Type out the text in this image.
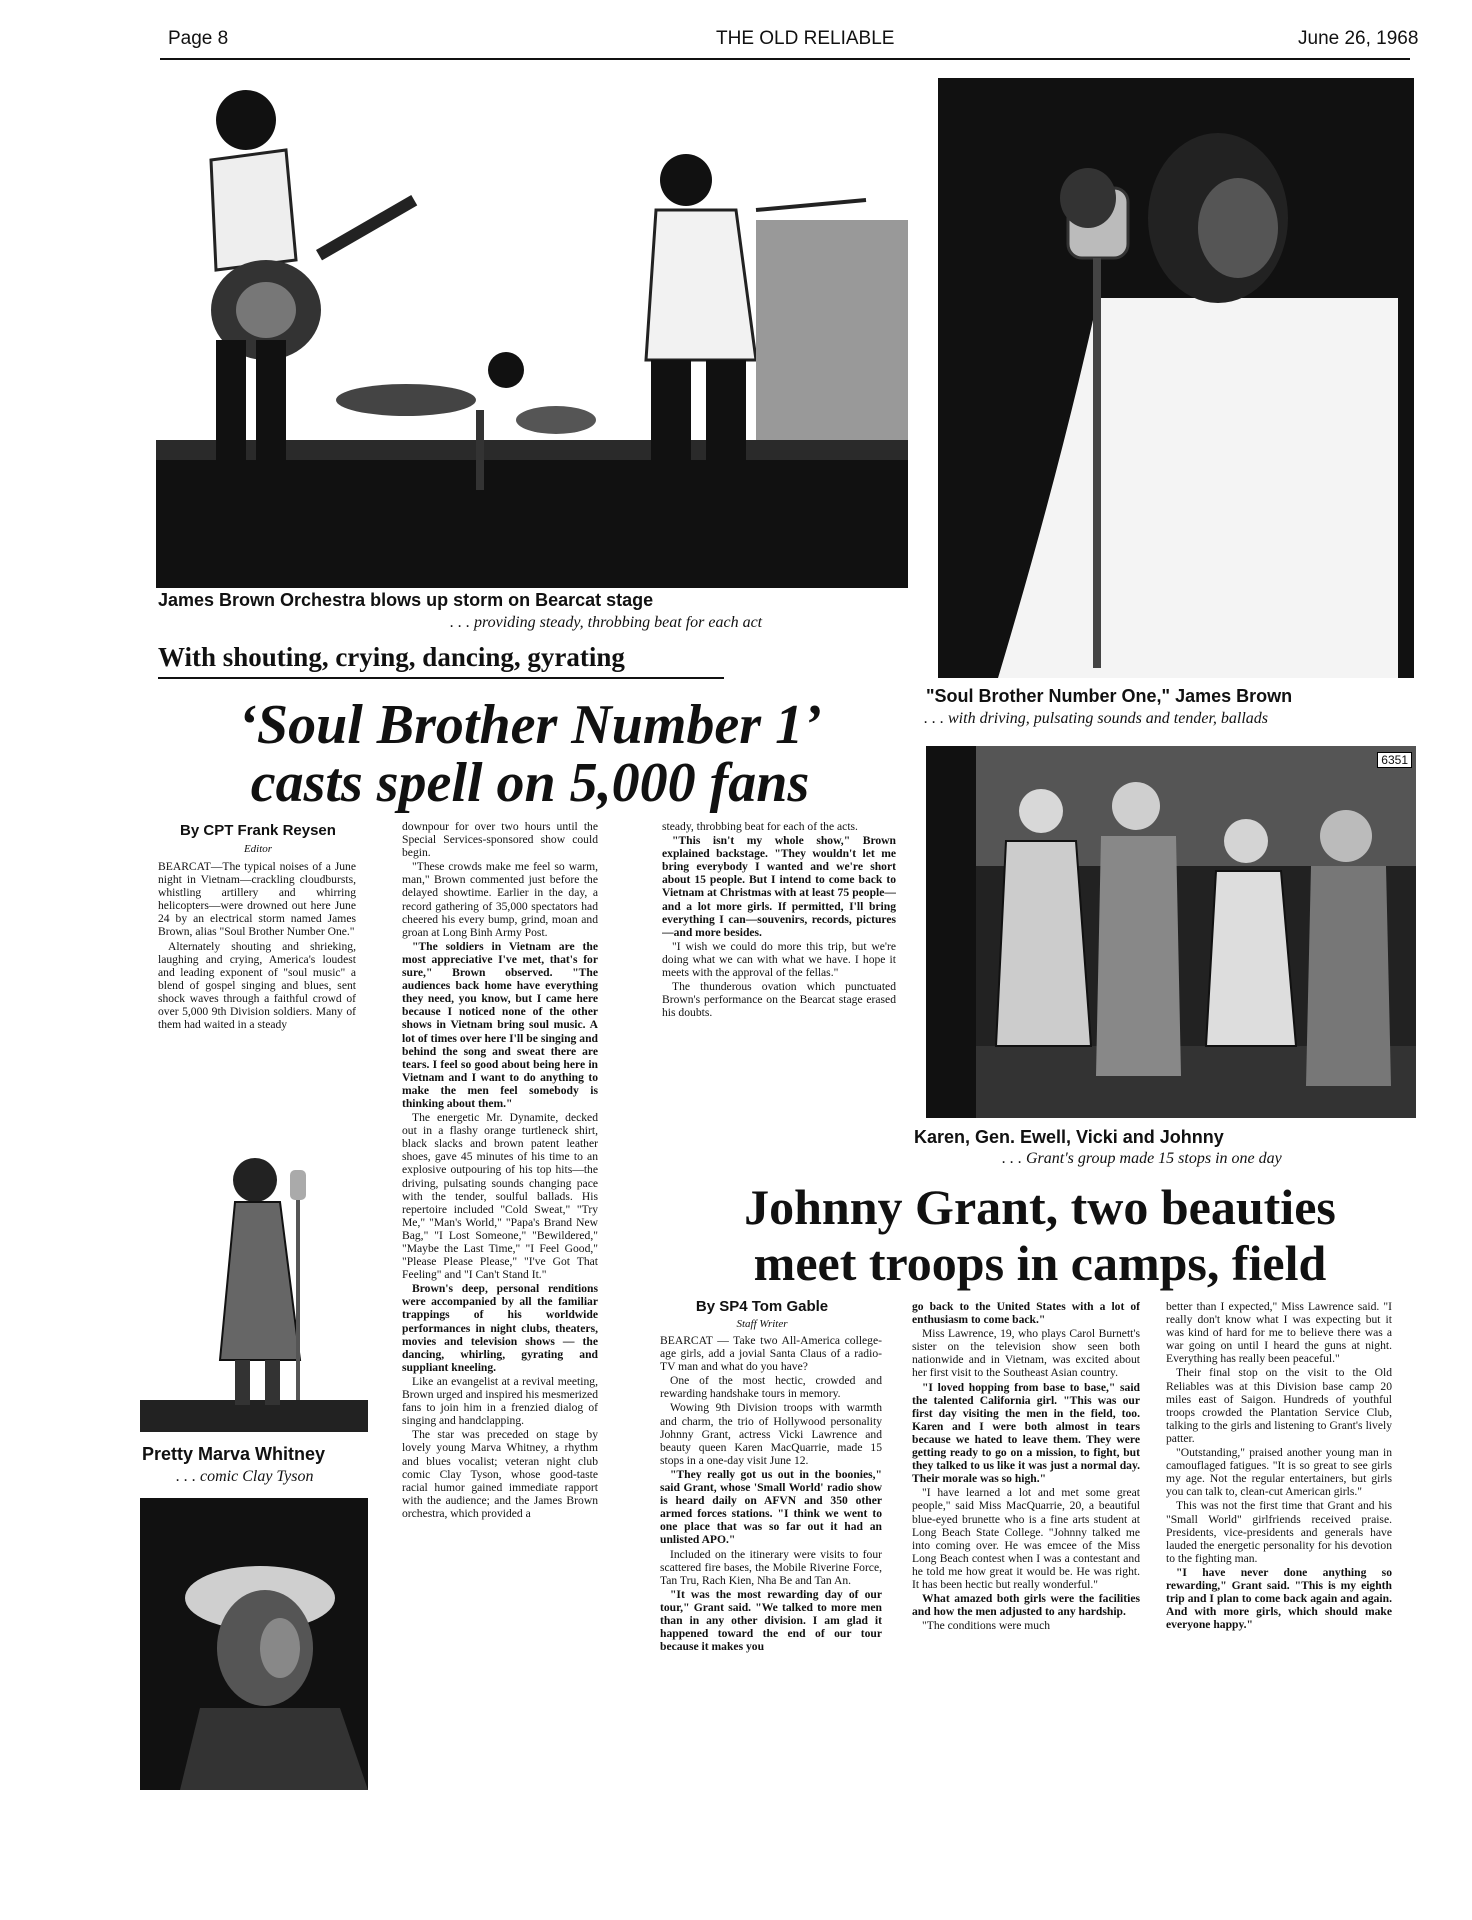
Page 8	THE OLD RELIABLE	June 26, 1968
James Brown Orchestra blows up storm on Bearcat stage
. . . providing steady, throbbing beat for each act
"Soul Brother Number One," James Brown
. . . with driving, pulsating sounds and tender, ballads
With shouting, crying, dancing, gyrating
‘Soul Brother Number 1’
casts spell on 5,000 fans	6351
Karen, Gen. Ewell, Vicki and Johnny
. . . Grant's group made 15 stops in one day
By CPT Frank Reysen
Editor

BEARCAT—The typical noises of a June night in Vietnam—crackling cloudbursts, whistling artillery and whirring helicopters—were drowned out here June 24 by an electrical storm named James Brown, alias "Soul Brother Number One."

Alternately shouting and shrieking, laughing and crying, America's loudest and leading exponent of "soul music" a blend of gospel singing and blues, sent shock waves through a faithful crowd of over 5,000 9th Division soldiers. Many of them had waited in a steady

downpour for over two hours until the Special Services-sponsored show could begin.

"These crowds make me feel so warm, man," Brown commented just before the delayed showtime. Earlier in the day, a record gathering of 35,000 spectators had cheered his every bump, grind, moan and groan at Long Binh Army Post.

"The soldiers in Vietnam are the most appreciative I've met, that's for sure," Brown observed. "The audiences back home have everything they need, you know, but I came here because I noticed none of the other shows in Vietnam bring soul music. A lot of times over here I'll be singing and behind the song and sweat there are tears. I feel so good about being here in Vietnam and I want to do anything to make the men feel somebody is thinking about them."

The energetic Mr. Dynamite, decked out in a flashy orange turtleneck shirt, black slacks and brown patent leather shoes, gave 45 minutes of his time to an explosive outpouring of his top hits—the driving, pulsating sounds changing pace with the tender, soulful ballads. His repertoire included "Cold Sweat," "Try Me," "Man's World," "Papa's Brand New Bag," "I Lost Someone," "Bewildered," "Maybe the Last Time," "I Feel Good," "Please Please Please," "I've Got That Feeling" and "I Can't Stand It."

Brown's deep, personal renditions were accompanied by all the familiar trappings of his worldwide performances in night clubs, theaters, movies and television shows — the dancing, whirling, gyrating and suppliant kneeling.

Like an evangelist at a revival meeting, Brown urged and inspired his mesmerized fans to join him in a frenzied dialog of singing and handclapping.

The star was preceded on stage by lovely young Marva Whitney, a rhythm and blues vocalist; veteran night club comic Clay Tyson, whose good-taste racial humor gained immediate rapport with the audience; and the James Brown orchestra, which provided a

steady, throbbing beat for each of the acts.

"This isn't my whole show," Brown explained backstage. "They wouldn't let me bring everybody I wanted and we're short about 15 people. But I intend to come back to Vietnam at Christmas with at least 75 people—and a lot more girls. If permitted, I'll bring everything I can—souvenirs, records, pictures—and more besides.

"I wish we could do more this trip, but we're doing what we can with what we have. I hope it meets with the approval of the fellas."

The thunderous ovation which punctuated Brown's performance on the Bearcat stage erased his doubts.

Pretty Marva Whitney
. . . comic Clay Tyson
Johnny Grant, two beauties
meet troops in camps, field
By SP4 Tom Gable
Staff Writer

BEARCAT — Take two All-America college-age girls, add a jovial Santa Claus of a radio-TV man and what do you have?

One of the most hectic, crowded and rewarding handshake tours in memory.

Wowing 9th Division troops with warmth and charm, the trio of Hollywood personality Johnny Grant, actress Vicki Lawrence and beauty queen Karen MacQuarrie, made 15 stops in a one-day visit June 12.

"They really got us out in the boonies," said Grant, whose 'Small World' radio show is heard daily on AFVN and 350 other armed forces stations. "I think we went to one place that was so far out it had an unlisted APO."

Included on the itinerary were visits to four scattered fire bases, the Mobile Riverine Force, Tan Tru, Rach Kien, Nha Be and Tan An.

"It was the most rewarding day of our tour," Grant said. "We talked to more men than in any other division. I am glad it happened toward the end of our tour because it makes you

go back to the United States with a lot of enthusiasm to come back."

Miss Lawrence, 19, who plays Carol Burnett's sister on the television show seen both nationwide and in Vietnam, was excited about her first visit to the Southeast Asian country.

"I loved hopping from base to base," said the talented California girl. "This was our first day visiting the men in the field, too. Karen and I were both almost in tears because we hated to leave them. They were getting ready to go on a mission, to fight, but they talked to us like it was just a normal day. Their morale was so high."

"I have learned a lot and met some great people," said Miss MacQuarrie, 20, a beautiful blue-eyed brunette who is a fine arts student at Long Beach State College. "Johnny talked me into coming over. He was emcee of the Miss Long Beach contest when I was a contestant and he told me how great it would be. He was right. It has been hectic but really wonderful."

What amazed both girls were the facilities and how the men adjusted to any hardship.

"The conditions were much

better than I expected," Miss Lawrence said. "I really don't know what I was expecting but it was kind of hard for me to believe there was a war going on until I heard the guns at night. Everything has really been peaceful."

Their final stop on the visit to the Old Reliables was at this Division base camp 20 miles east of Saigon. Hundreds of youthful troops crowded the Plantation Service Club, talking to the girls and listening to Grant's lively patter.

"Outstanding," praised another young man in camouflaged fatigues. "It is so great to see girls my age. Not the regular entertainers, but girls you can talk to, clean-cut American girls."

This was not the first time that Grant and his "Small World" girlfriends received praise. Presidents, vice-presidents and generals have lauded the energetic personality for his devotion to the fighting man.

"I have never done anything so rewarding," Grant said. "This is my eighth trip and I plan to come back again and again. And with more girls, which should make everyone happy."
